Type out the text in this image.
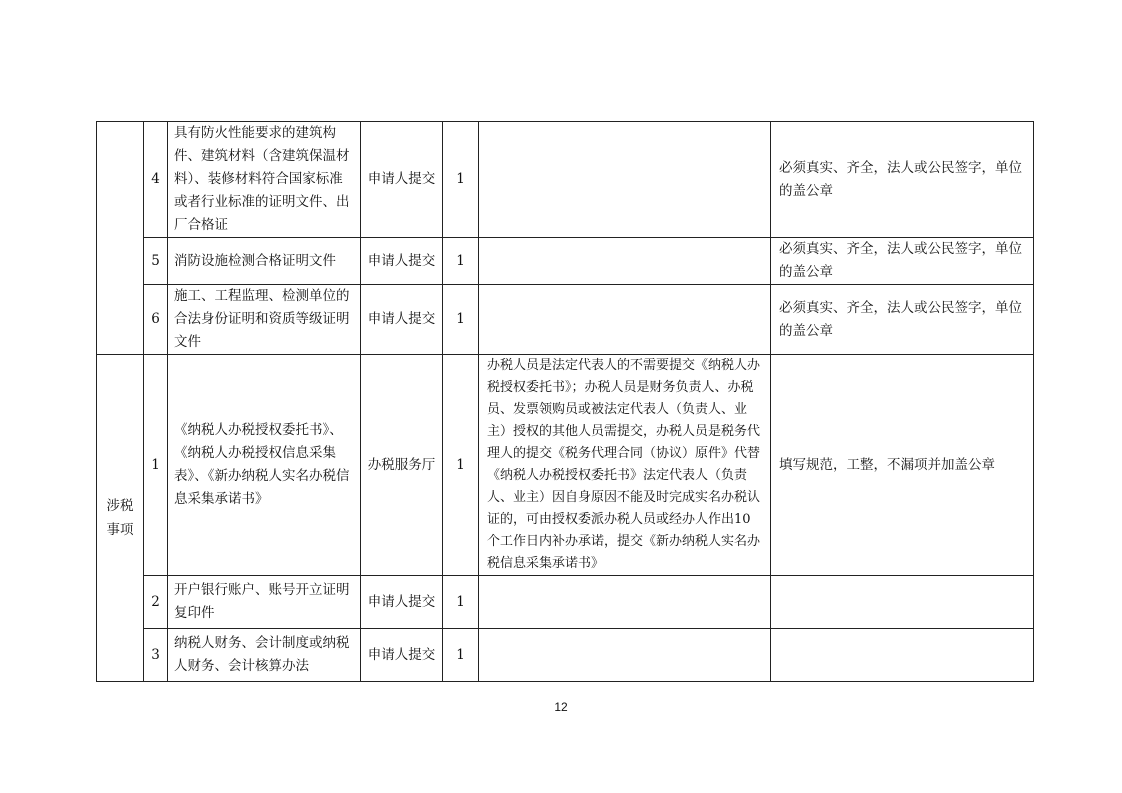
	4	具有防火性能要求的建筑构件、建筑材料（含建筑保温材料）、装修材料符合国家标准或者行业标准的证明文件、出厂合格证	申请人提交	1		必须真实、齐全，法人或公民签字，单位的盖公章
	5	消防设施检测合格证明文件	申请人提交	1		必须真实、齐全，法人或公民签字，单位的盖公章
	6	施工、工程监理、检测单位的合法身份证明和资质等级证明文件	申请人提交	1		必须真实、齐全，法人或公民签字，单位的盖公章
涉税事项	1	《纳税人办税授权委托书》、《纳税人办税授权信息采集表》、《新办纳税人实名办税信息采集承诺书》	办税服务厅	1	办税人员是法定代表人的不需要提交《纳税人办税授权委托书》；办税人员是财务负责人、办税员、发票领购员或被法定代表人（负责人、业主）授权的其他人员需提交，办税人员是税务代理人的提交《税务代理合同（协议）原件》代替《纳税人办税授权委托书》法定代表人（负责人、业主）因自身原因不能及时完成实名办税认证的，可由授权委派办税人员或经办人作出10个工作日内补办承诺，提交《新办纳税人实名办税信息采集承诺书》	填写规范，工整，不漏项并加盖公章
	2	开户银行账户、账号开立证明复印件	申请人提交	1		
	3	纳税人财务、会计制度或纳税人财务、会计核算办法	申请人提交	1		
12
